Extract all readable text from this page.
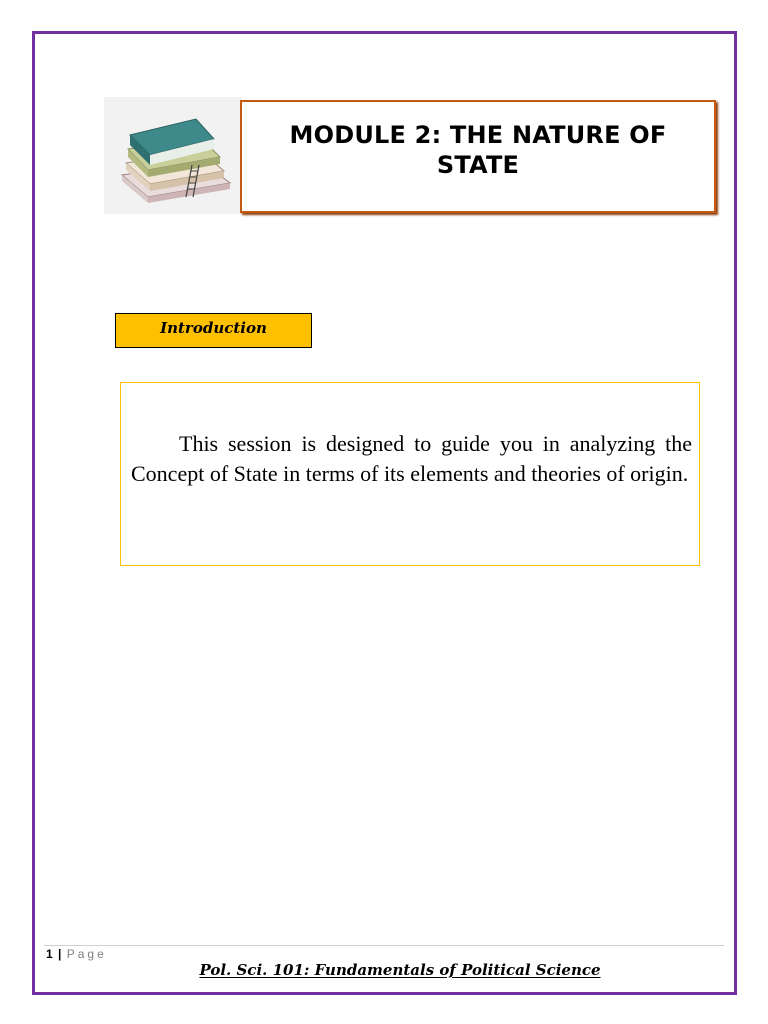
MODULE 2: THE NATURE OF
STATE
Introduction

This session is designed to guide you in analyzing the Concept of State in terms of its elements and theories of origin.

1 | Page
Pol. Sci. 101: Fundamentals of Political Science
